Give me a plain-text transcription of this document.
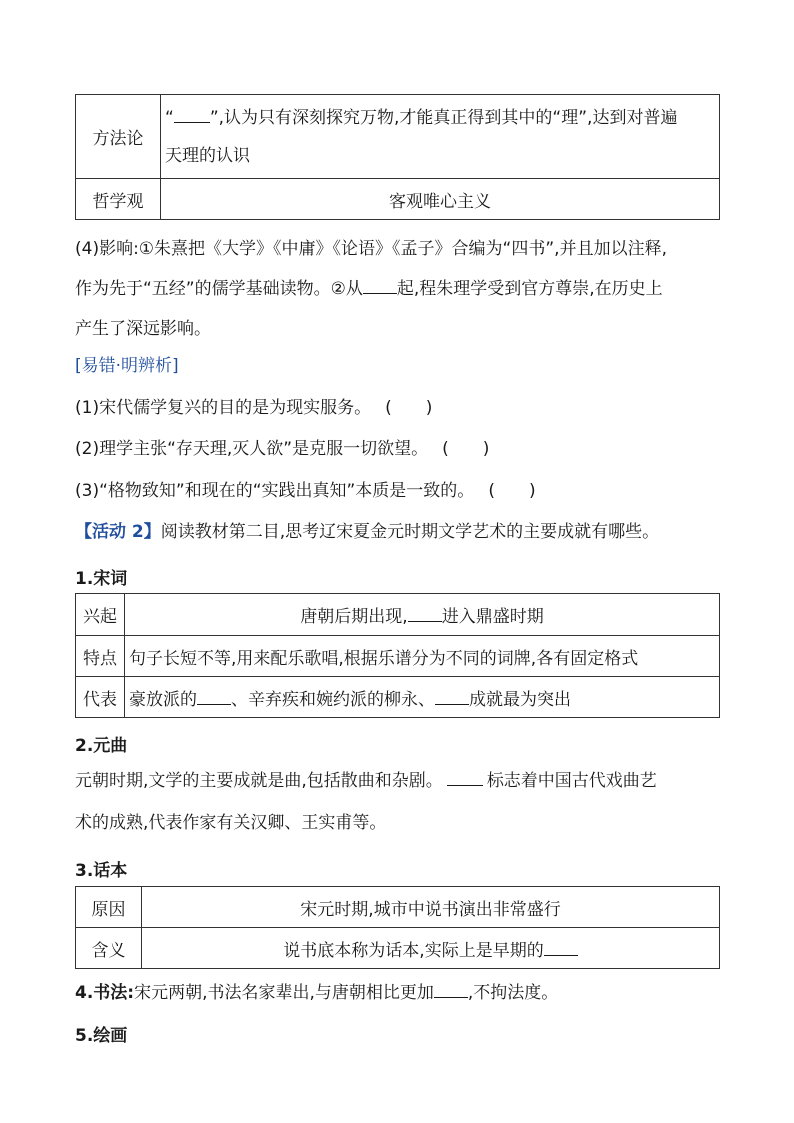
方法论	“ ”,认为只有深刻探究万物,才能真正得到其中的“理”,达到对普遍
天理的认识

哲学观	客观唯心主义
(4)影响:①朱熹把《大学》《中庸》《论语》《孟子》合编为“四书”,并且加以注释,
作为先于“五经”的儒学基础读物。②从 起,程朱理学受到官方尊崇,在历史上
产生了深远影响。
[易错·明辨析]
(1)宋代儒学复兴的目的是为现实服务。 (　　)
(2)理学主张“存天理,灭人欲”是克服一切欲望。 (　　)
(3)“格物致知”和现在的“实践出真知”本质是一致的。 (　　)
【活动 2】阅读教材第二目,思考辽宋夏金元时期文学艺术的主要成就有哪些。
1.宋词
兴起	唐朝后期出现, 进入鼎盛时期
特点	句子长短不等,用来配乐歌唱,根据乐谱分为不同的词牌,各有固定格式
代表	豪放派的 、辛弃疾和婉约派的柳永、 成就最为突出
2.元曲
元朝时期,文学的主要成就是曲,包括散曲和杂剧。	标志着中国古代戏曲艺
术的成熟,代表作家有关汉卿、王实甫等。
3.话本
原因	宋元时期,城市中说书演出非常盛行
含义	说书底本称为话本,实际上是早期的
4.书法:宋元两朝,书法名家辈出,与唐朝相比更加 ,不拘法度。
5.绘画
